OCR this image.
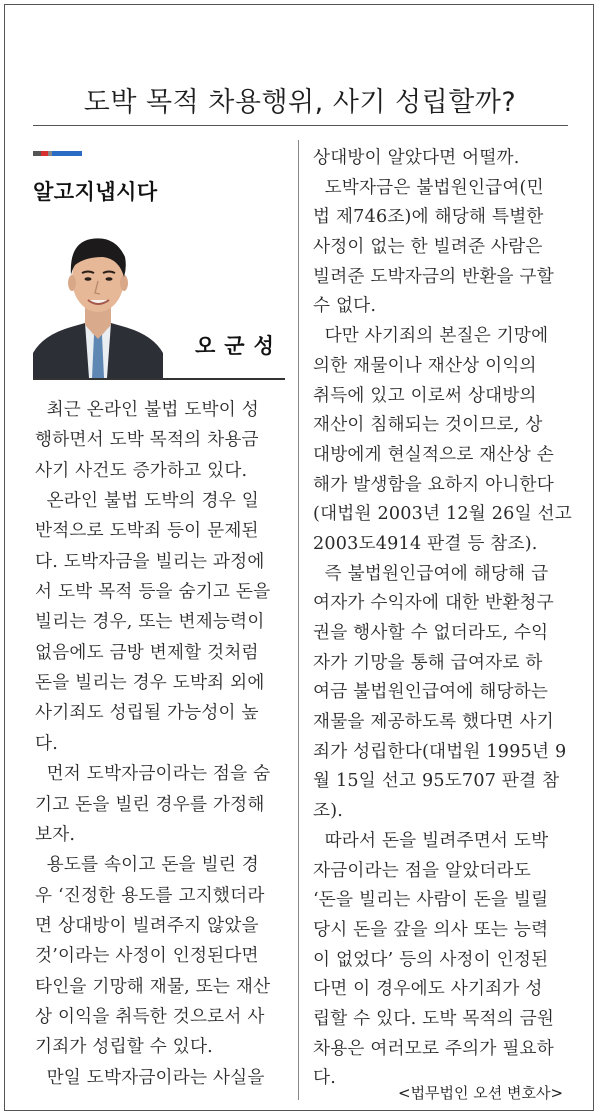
도박 목적 차용행위, 사기 성립할까?
알고지냅시다
오군성
최근 온라인 불법 도박이 성
행하면서 도박 목적의 차용금
사기 사건도 증가하고 있다.
온라인 불법 도박의 경우 일
반적으로 도박죄 등이 문제된
다. 도박자금을 빌리는 과정에
서 도박 목적 등을 숨기고 돈을
빌리는 경우, 또는 변제능력이
없음에도 금방 변제할 것처럼
돈을 빌리는 경우 도박죄 외에
사기죄도 성립될 가능성이 높
다.
먼저 도박자금이라는 점을 숨
기고 돈을 빌린 경우를 가정해
보자.
용도를 속이고 돈을 빌린 경
우 ‘진정한 용도를 고지했더라
면 상대방이 빌려주지 않았을
것’이라는 사정이 인정된다면
타인을 기망해 재물, 또는 재산
상 이익을 취득한 것으로서 사
기죄가 성립할 수 있다.
만일 도박자금이라는 사실을
상대방이 알았다면 어떨까.
도박자금은 불법원인급여(민
법 제746조)에 해당해 특별한
사정이 없는 한 빌려준 사람은
빌려준 도박자금의 반환을 구할
수 없다.
다만 사기죄의 본질은 기망에
의한 재물이나 재산상 이익의
취득에 있고 이로써 상대방의
재산이 침해되는 것이므로, 상
대방에게 현실적으로 재산상 손
해가 발생함을 요하지 아니한다
(대법원 2003년 12월 26일 선고
2003도4914 판결 등 참조).
즉 불법원인급여에 해당해 급
여자가 수익자에 대한 반환청구
권을 행사할 수 없더라도, 수익
자가 기망을 통해 급여자로 하
여금 불법원인급여에 해당하는
재물을 제공하도록 했다면 사기
죄가 성립한다(대법원 1995년 9
월 15일 선고 95도707 판결 참
조).
따라서 돈을 빌려주면서 도박
자금이라는 점을 알았더라도
‘돈을 빌리는 사람이 돈을 빌릴
당시 돈을 갚을 의사 또는 능력
이 없었다’ 등의 사정이 인정된
다면 이 경우에도 사기죄가 성
립할 수 있다. 도박 목적의 금원
차용은 여러모로 주의가 필요하
다.
<법무법인 오션 변호사>
